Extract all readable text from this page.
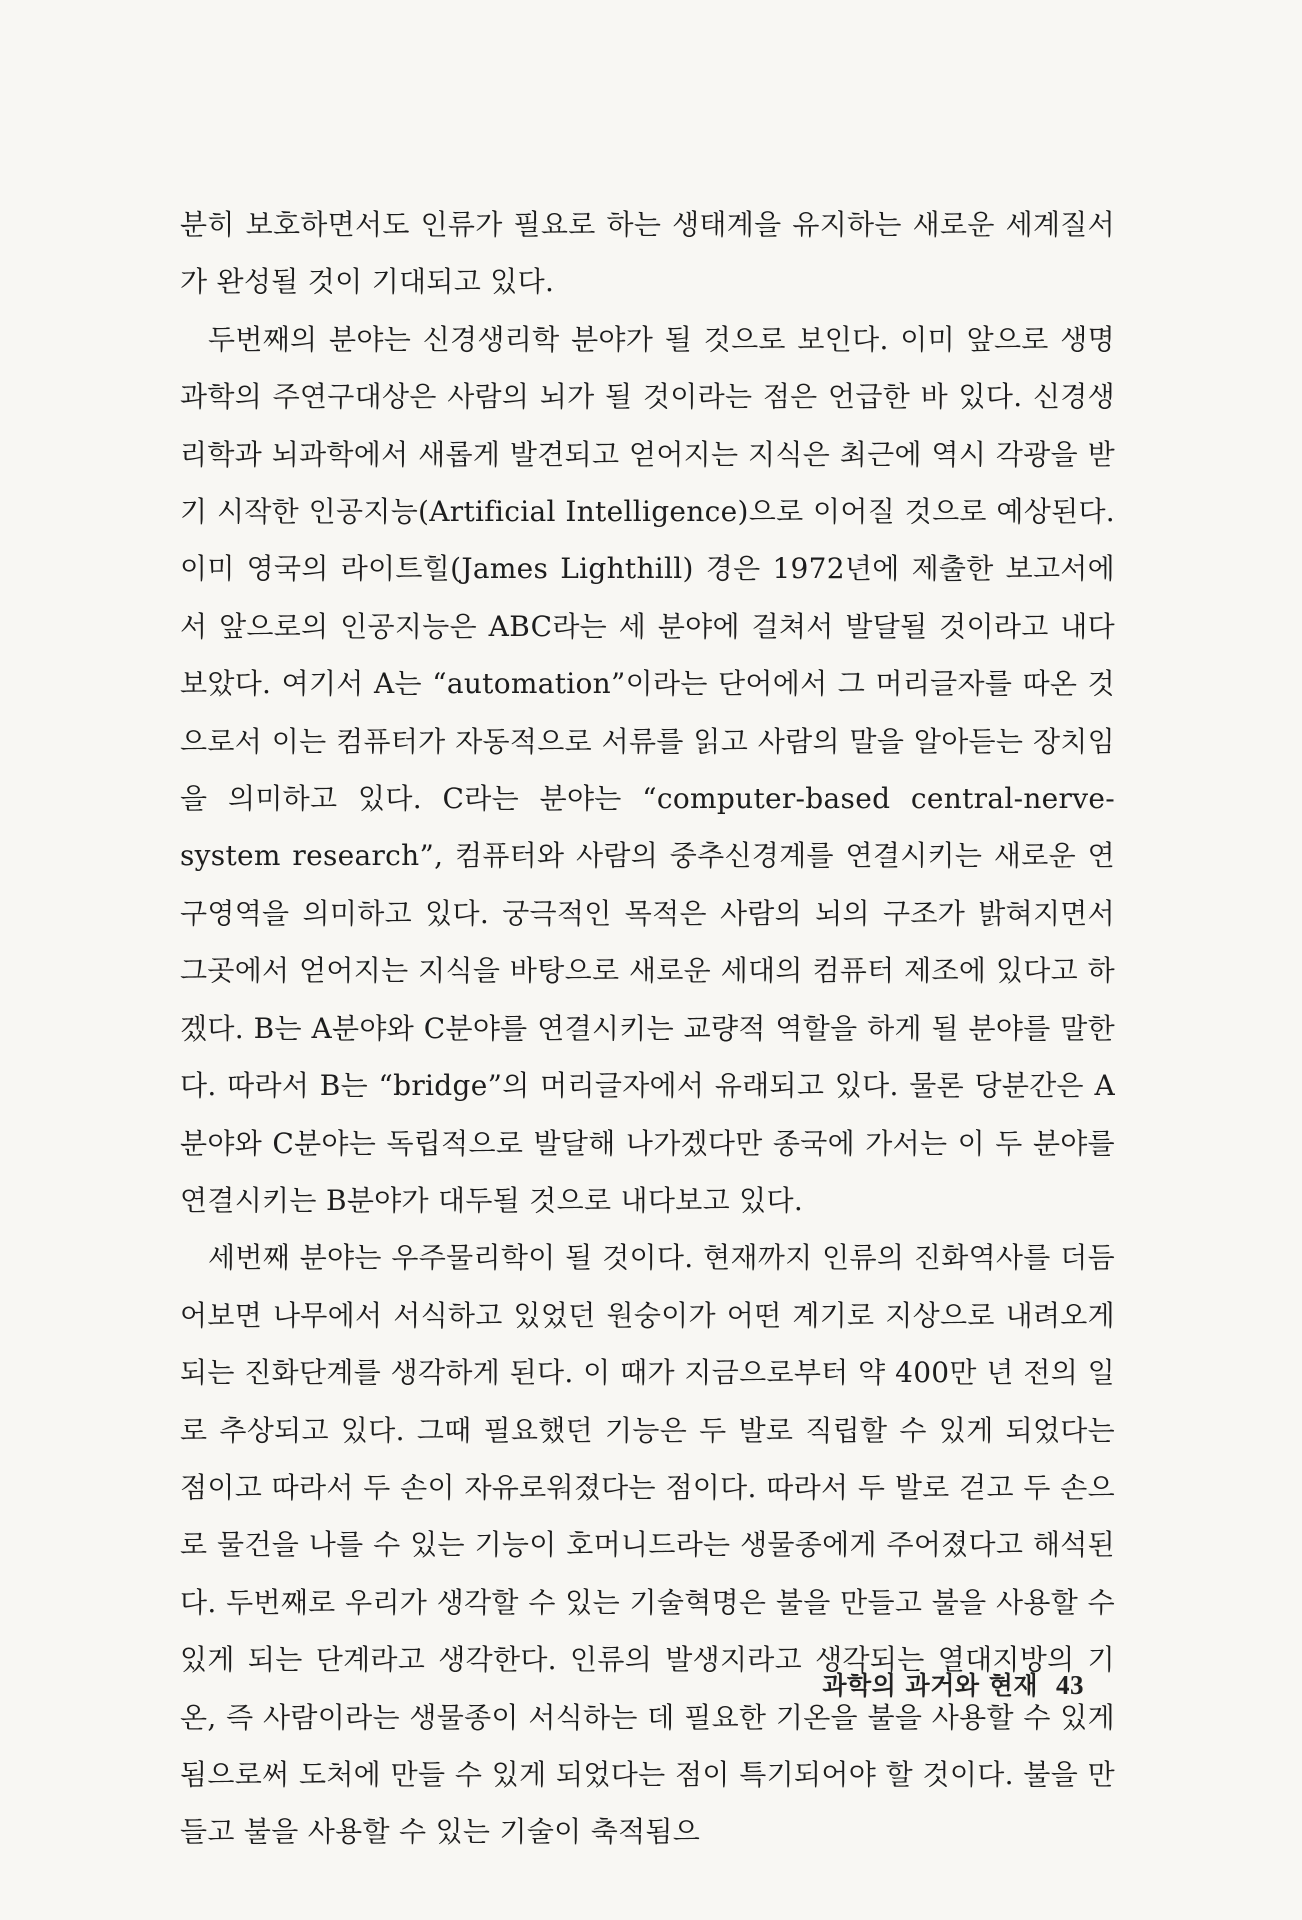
분히 보호하면서도 인류가 필요로 하는 생태계을 유지하는 새로운 세계질서가 완성될 것이 기대되고 있다.

두번째의 분야는 신경생리학 분야가 될 것으로 보인다. 이미 앞으로 생명과학의 주연구대상은 사람의 뇌가 될 것이라는 점은 언급한 바 있다. 신경생리학과 뇌과학에서 새롭게 발견되고 얻어지는 지식은 최근에 역시 각광을 받기 시작한 인공지능(Artificial Intelligence)으로 이어질 것으로 예상된다. 이미 영국의 라이트힐(James Lighthill) 경은 1972년에 제출한 보고서에서 앞으로의 인공지능은 ABC라는 세 분야에 걸쳐서 발달될 것이라고 내다보았다. 여기서 A는 “automation”이라는 단어에서 그 머리글자를 따온 것으로서 이는 컴퓨터가 자동적으로 서류를 읽고 사람의 말을 알아듣는 장치임을 의미하고 있다. C라는 분야는 “computer-based central-nerve-system research”, 컴퓨터와 사람의 중추신경계를 연결시키는 새로운 연구영역을 의미하고 있다. 궁극적인 목적은 사람의 뇌의 구조가 밝혀지면서 그곳에서 얻어지는 지식을 바탕으로 새로운 세대의 컴퓨터 제조에 있다고 하겠다. B는 A분야와 C분야를 연결시키는 교량적 역할을 하게 될 분야를 말한다. 따라서 B는 “bridge”의 머리글자에서 유래되고 있다. 물론 당분간은 A분야와 C분야는 독립적으로 발달해 나가겠다만 종국에 가서는 이 두 분야를 연결시키는 B분야가 대두될 것으로 내다보고 있다.

세번째 분야는 우주물리학이 될 것이다. 현재까지 인류의 진화역사를 더듬어보면 나무에서 서식하고 있었던 원숭이가 어떤 계기로 지상으로 내려오게 되는 진화단계를 생각하게 된다. 이 때가 지금으로부터 약 400만 년 전의 일로 추상되고 있다. 그때 필요했던 기능은 두 발로 직립할 수 있게 되었다는 점이고 따라서 두 손이 자유로워졌다는 점이다. 따라서 두 발로 걷고 두 손으로 물건을 나를 수 있는 기능이 호머니드라는 생물종에게 주어졌다고 해석된다. 두번째로 우리가 생각할 수 있는 기술혁명은 불을 만들고 불을 사용할 수 있게 되는 단계라고 생각한다. 인류의 발생지라고 생각되는 열대지방의 기온, 즉 사람이라는 생물종이 서식하는 데 필요한 기온을 불을 사용할 수 있게 됨으로써 도처에 만들 수 있게 되었다는 점이 특기되어야 할 것이다. 불을 만들고 불을 사용할 수 있는 기술이 축적됨으

과학의 과거와 현재 43
